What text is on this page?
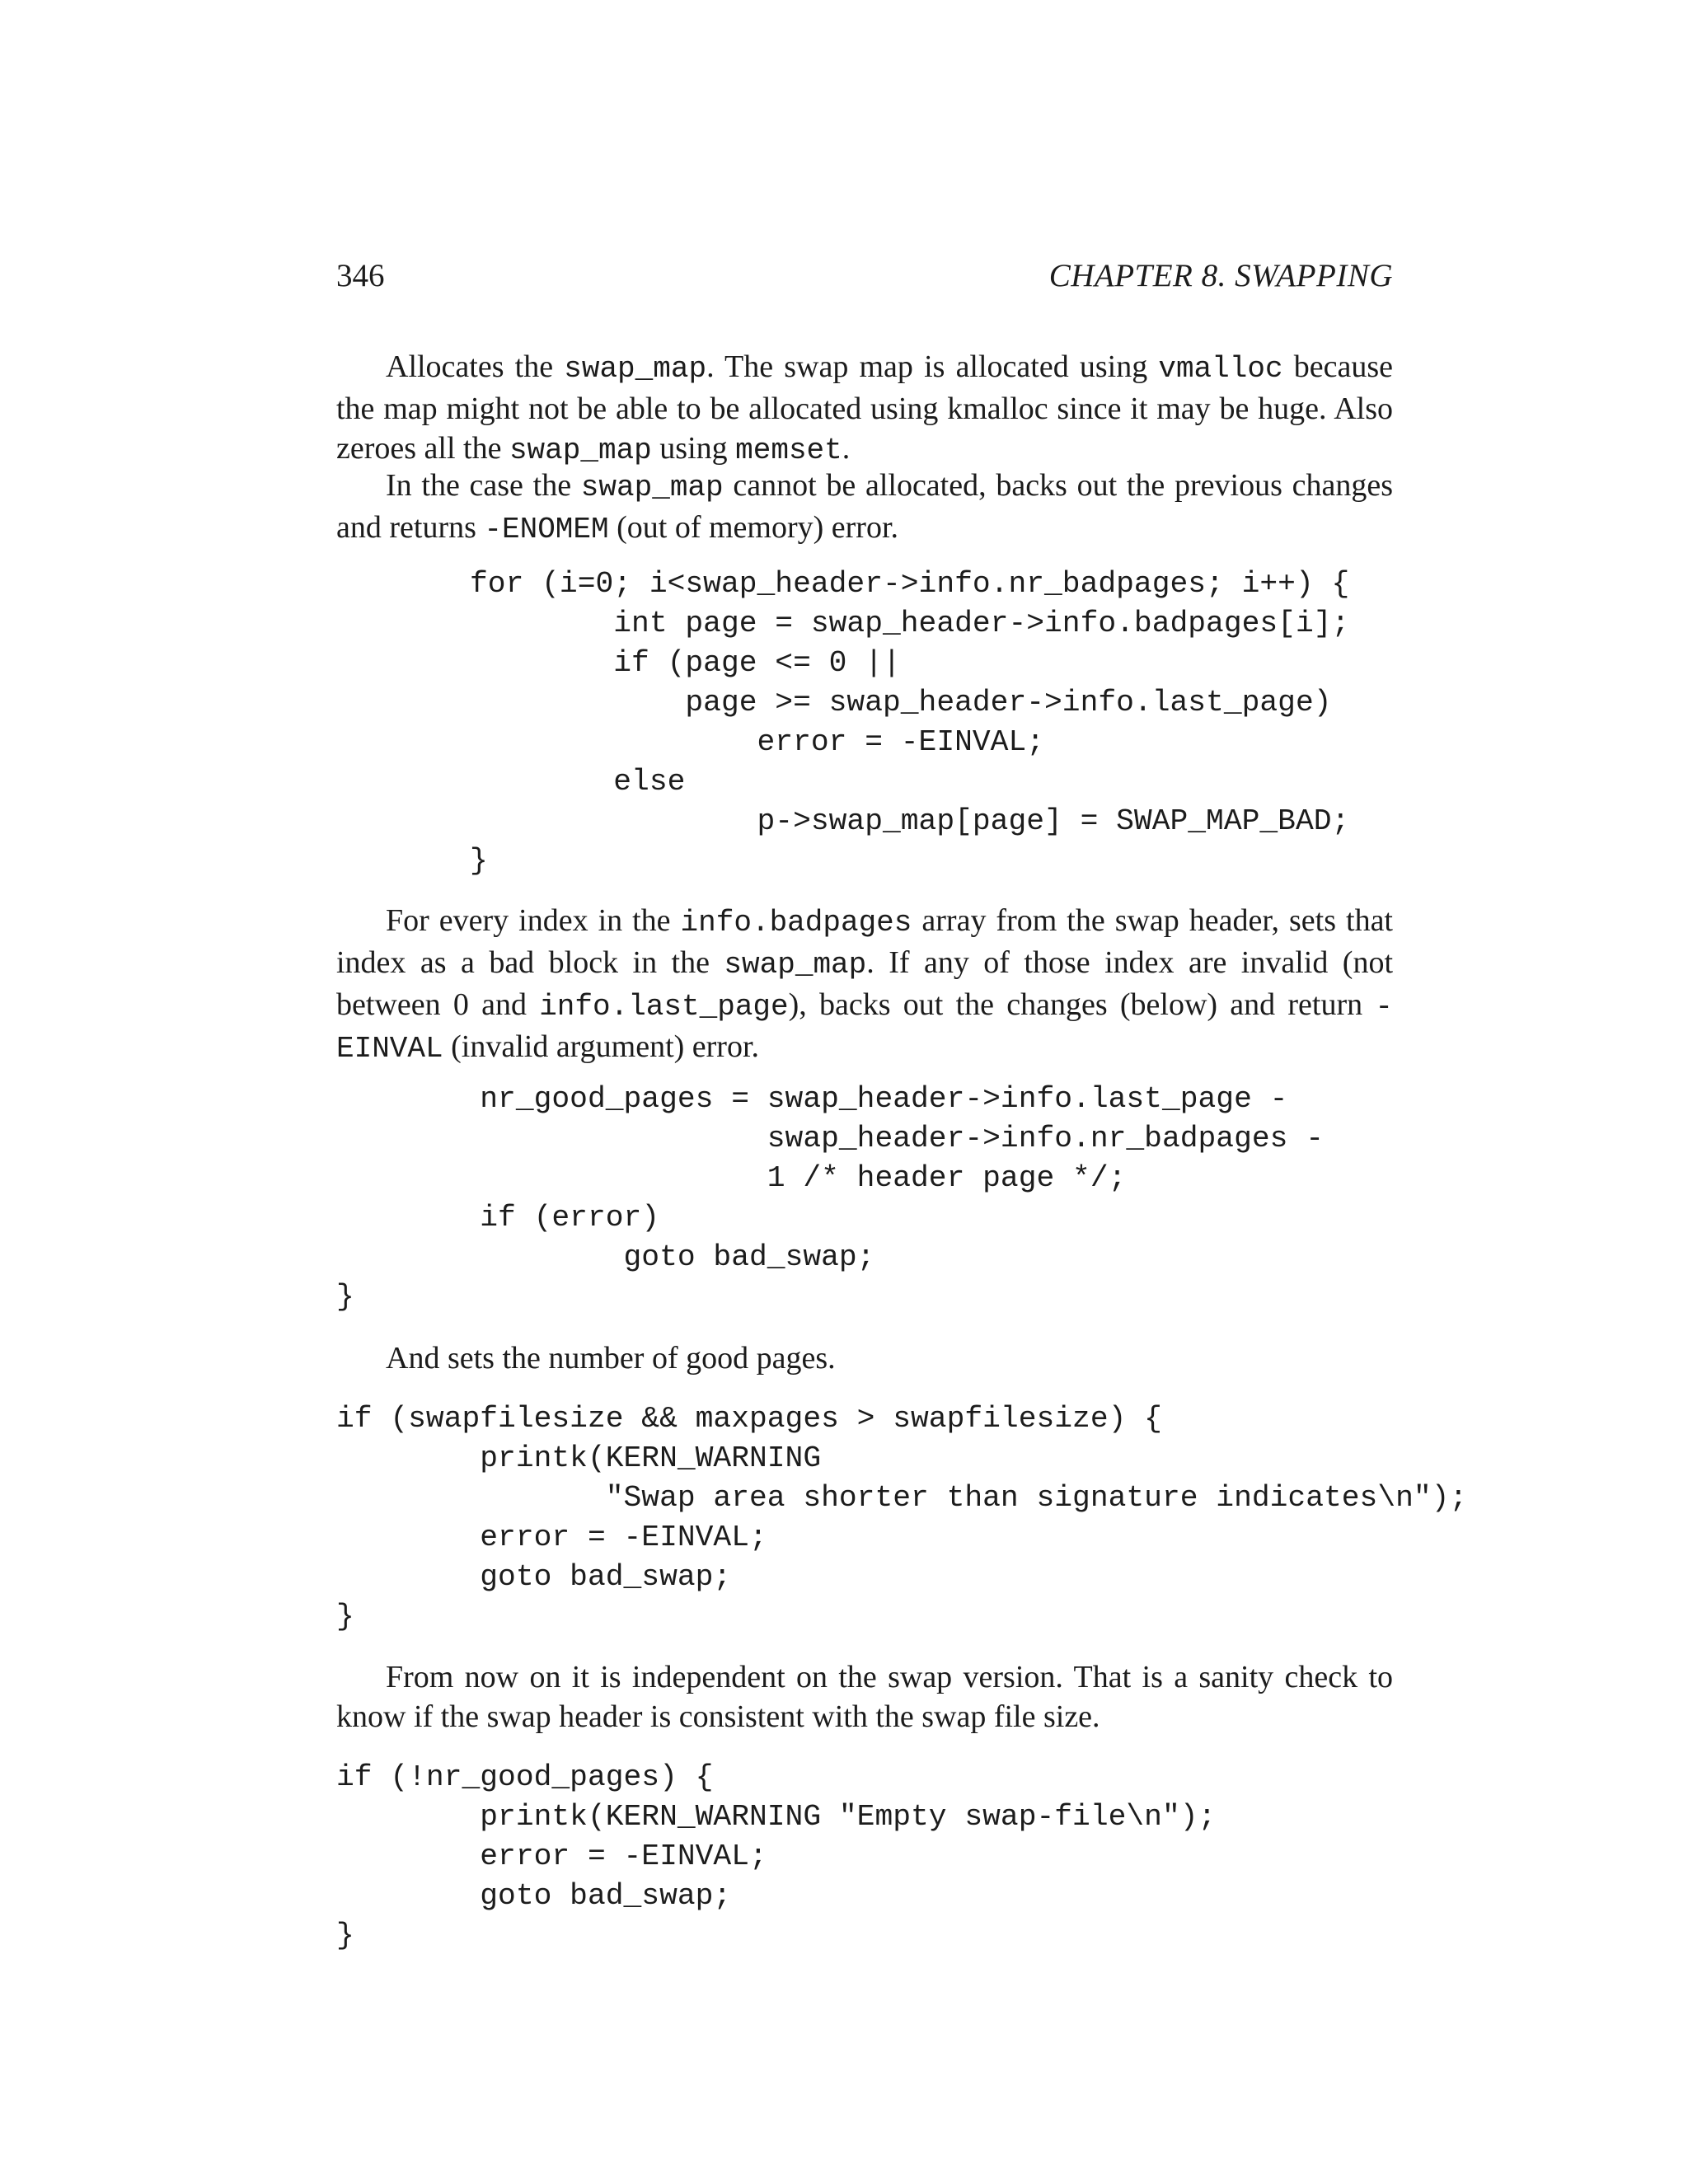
346	CHAPTER 8. SWAPPING

Allocates the swap_map. The swap map is allocated using vmalloc because the map might not be able to be allocated using kmalloc since it may be huge. Also zeroes all the swap_map using memset.

In the case the swap_map cannot be allocated, backs out the previous changes and returns -ENOMEM (out of memory) error.

for (i=0; i<swap_header->info.nr_badpages; i++) {
int page = swap_header->info.badpages[i];
if (page <= 0 ||
page >= swap_header->info.last_page)
error = -EINVAL;
else
p->swap_map[page] = SWAP_MAP_BAD;
}

For every index in the info.badpages array from the swap header, sets that index as a bad block in the swap_map. If any of those index are invalid (not between 0 and info.last_page), backs out the changes (below) and return -EINVAL (invalid argument) error.

nr_good_pages = swap_header->info.last_page -
swap_header->info.nr_badpages -
1 /* header page */;
if (error)
goto bad_swap;
}

And sets the number of good pages.

if (swapfilesize && maxpages > swapfilesize) {
printk(KERN_WARNING
"Swap area shorter than signature indicates\n");
error = -EINVAL;
goto bad_swap;
}

From now on it is independent on the swap version. That is a sanity check to know if the swap header is consistent with the swap file size.

if (!nr_good_pages) {
printk(KERN_WARNING "Empty swap-file\n");
error = -EINVAL;
goto bad_swap;
}
